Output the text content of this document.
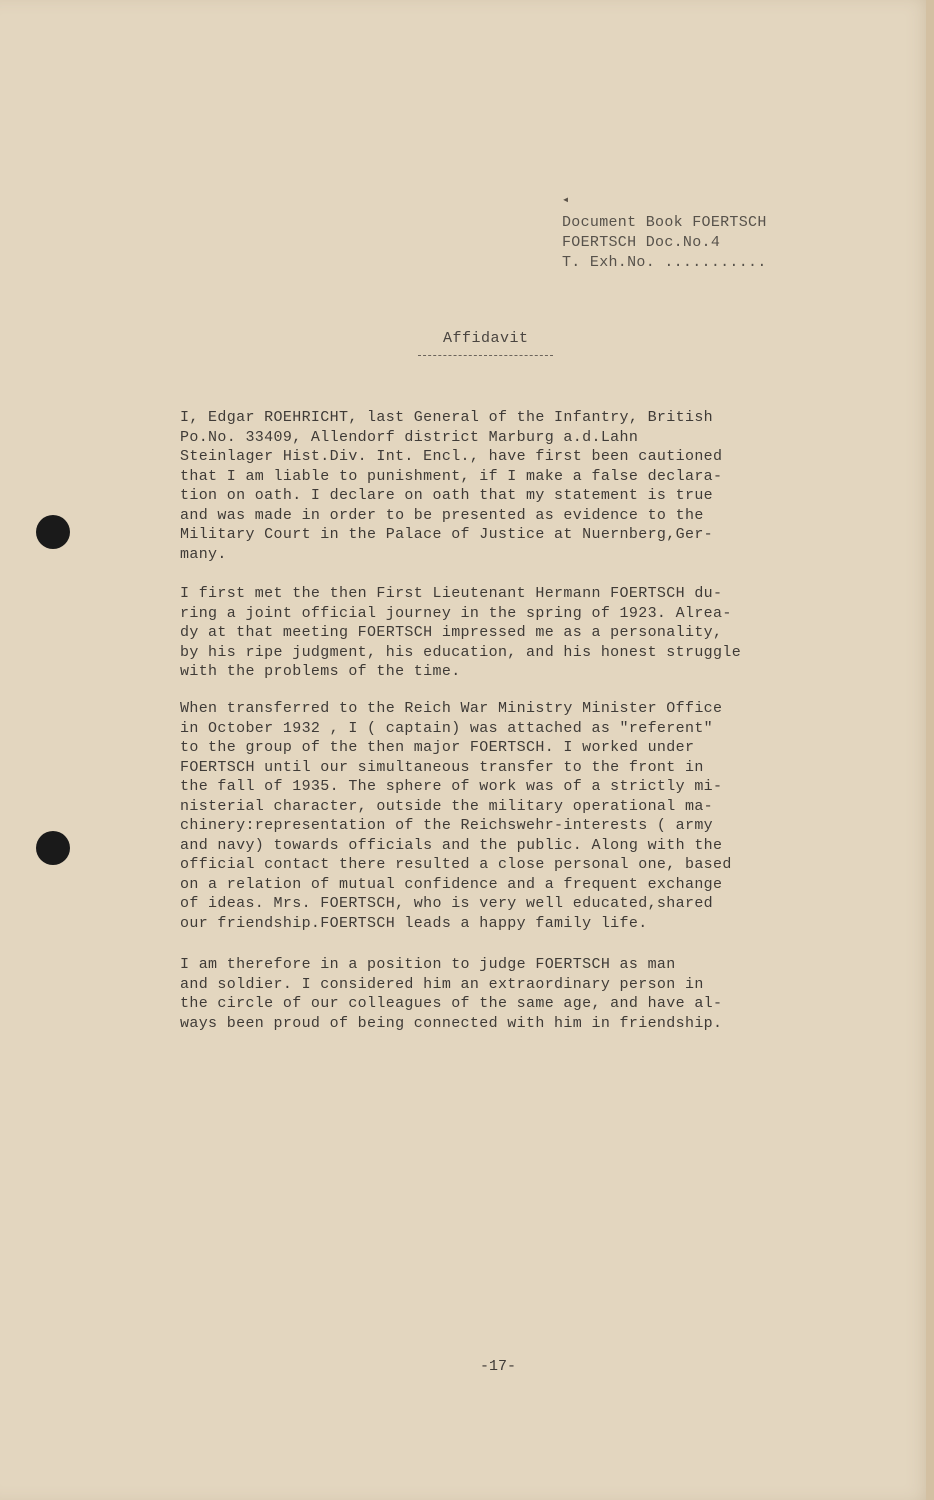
◂
Document Book FOERTSCH
FOERTSCH Doc.No.4
T. Exh.No. ...........
Affidavit

I, Edgar ROEHRICHT, last General of the Infantry, British
Po.No. 33409, Allendorf district Marburg a.d.Lahn
Steinlager Hist.Div. Int. Encl., have first been cautioned
that I am liable to punishment, if I make a false declara-
tion on oath. I declare on oath that my statement is true
and was made in order to be presented as evidence to the
Military Court in the Palace of Justice at Nuernberg,Ger-
many.

I first met the then First Lieutenant Hermann FOERTSCH du-
ring a joint official journey in the spring of 1923. Alrea-
dy at that meeting FOERTSCH impressed me as a personality,
by his ripe judgment, his education, and his honest struggle
with the problems of the time.

When transferred to the Reich War Ministry Minister Office
in October 1932 , I ( captain) was attached as "referent"
to the group of the then major FOERTSCH. I worked under
FOERTSCH until our simultaneous transfer to the front in
the fall of 1935. The sphere of work was of a strictly mi-
nisterial character, outside the military operational ma-
chinery:representation of the Reichswehr-interests ( army
and navy) towards officials and the public. Along with the
official contact there resulted a close personal one, based
on a relation of mutual confidence and a frequent exchange
of ideas. Mrs. FOERTSCH, who is very well educated,shared
our friendship.FOERTSCH leads a happy family life.

I am therefore in a position to judge FOERTSCH as man
and soldier. I considered him an extraordinary person in
the circle of our colleagues of the same age, and have al-
ways been proud of being connected with him in friendship.

-17-
